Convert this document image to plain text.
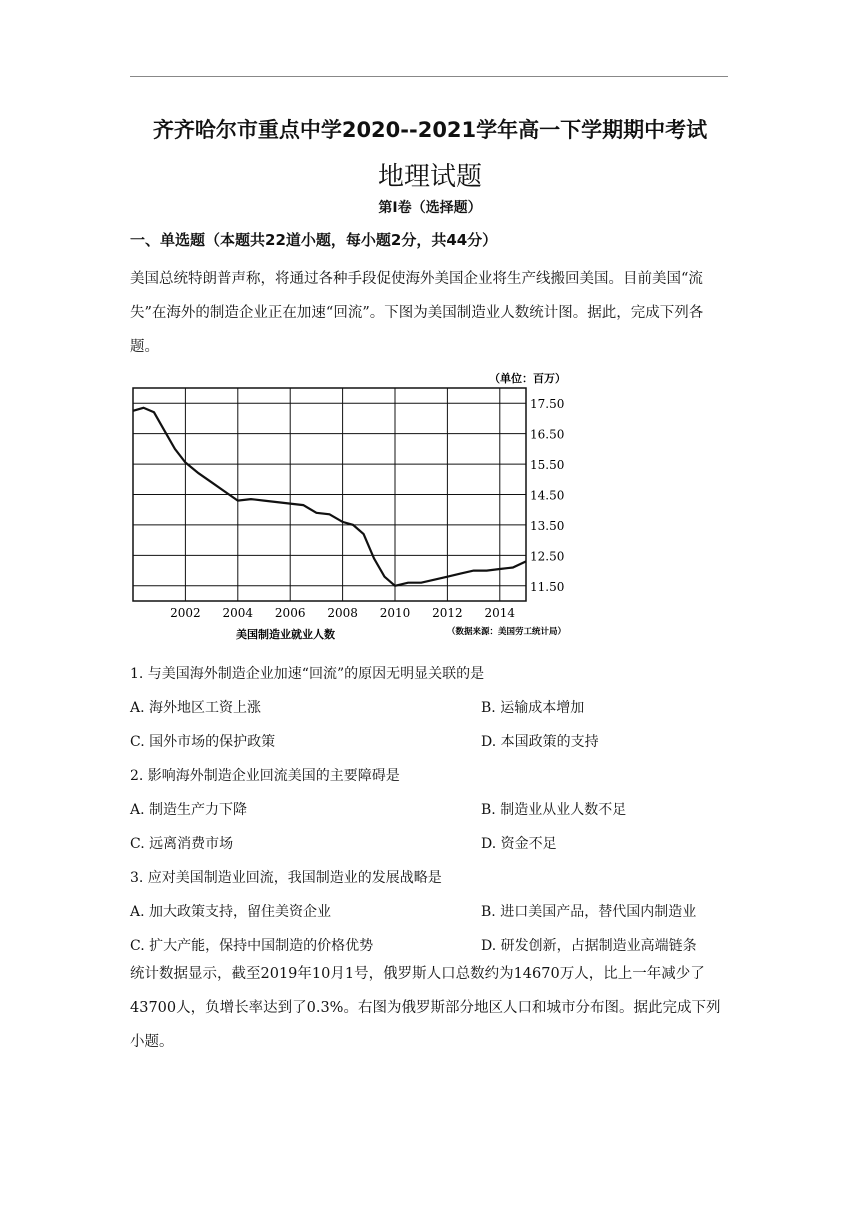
齐齐哈尔市重点中学2020--2021学年高一下学期期中考试
地理试题
第I卷（选择题）
一、单选题（本题共22道小题，每小题2分，共44分）
美国总统特朗普声称，将通过各种手段促使海外美国企业将生产线搬回美国。目前美国“流失”在海外的制造企业正在加速“回流”。下图为美国制造业人数统计图。据此，完成下列各题。
11.50
12.50
13.50
14.50
15.50
16.50
17.50
2002 2004 2006 2008 2010 2012 2014
（单位：百万）
美国制造业就业人数	（数据来源：美国劳工统计局）
1. 与美国海外制造企业加速“回流”的原因无明显关联的是
A. 海外地区工资上涨	B. 运输成本增加
C. 国外市场的保护政策	D. 本国政策的支持
2. 影响海外制造企业回流美国的主要障碍是
A. 制造生产力下降	B. 制造业从业人数不足
C. 远离消费市场	D. 资金不足
3. 应对美国制造业回流，我国制造业的发展战略是
A. 加大政策支持，留住美资企业	B. 进口美国产品，替代国内制造业
C. 扩大产能，保持中国制造的价格优势	D. 研发创新，占据制造业高端链条
统计数据显示，截至2019年10月1号，俄罗斯人口总数约为14670万人，比上一年减少了43700人，负增长率达到了0.3%。右图为俄罗斯部分地区人口和城市分布图。据此完成下列小题。
